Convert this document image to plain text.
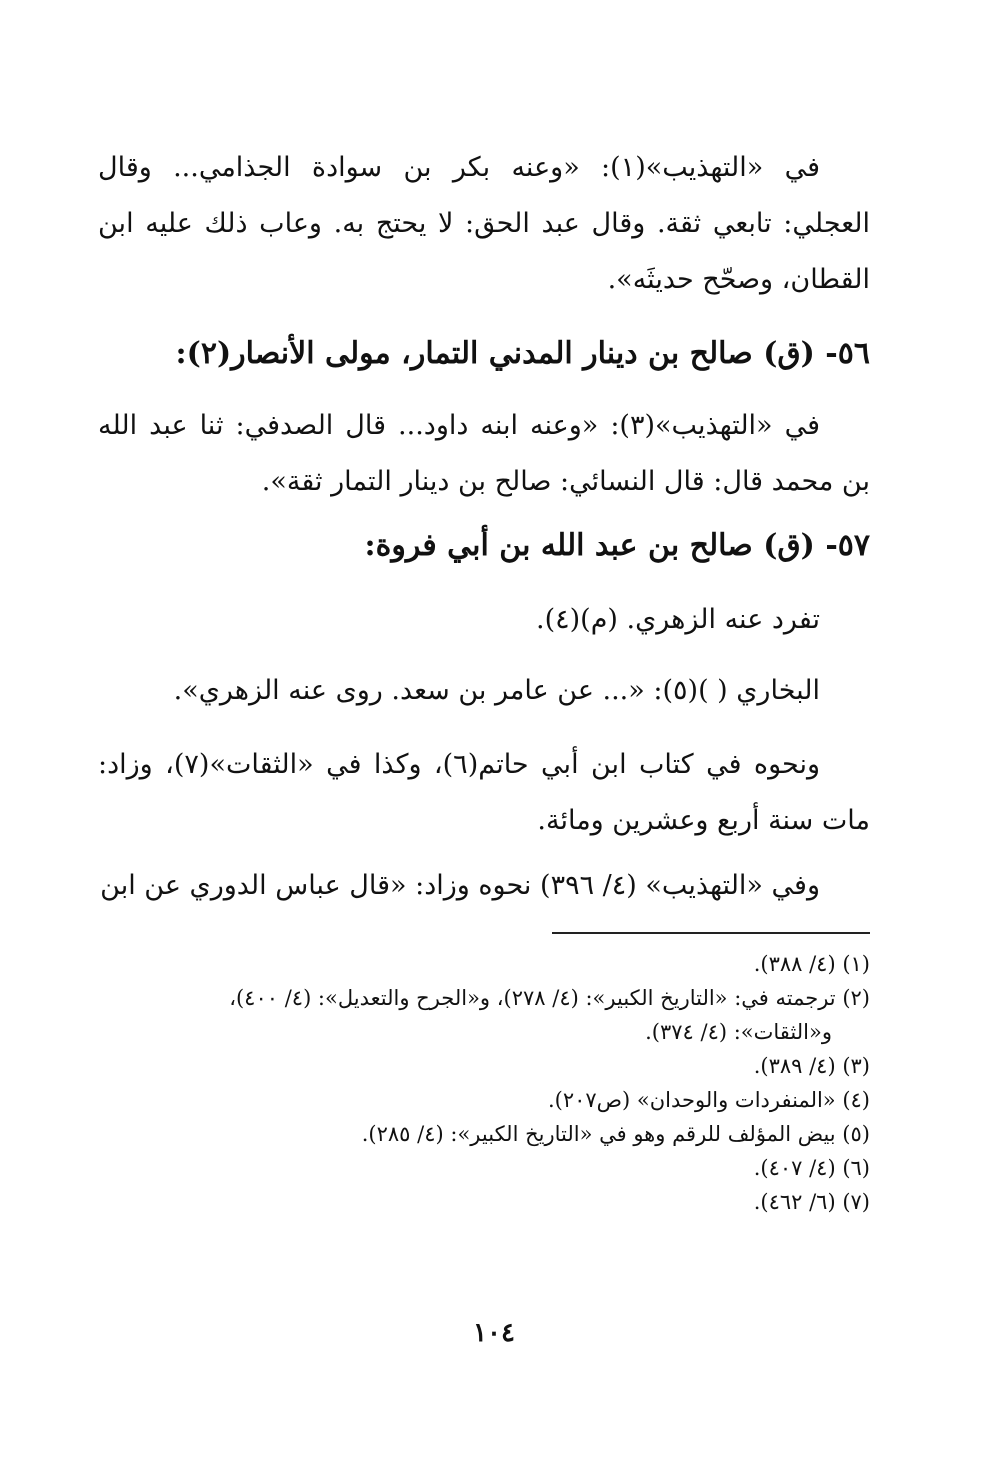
في «التهذيب»(١): «وعنه بكر بن سوادة الجذامي... وقال العجلي: تابعي ثقة. وقال عبد الحق: لا يحتج به. وعاب ذلك عليه ابن القطان، وصحّح حديثَه».

٥٦- (ق) صالح بن دينار المدني التمار، مولى الأنصار(٢):

في «التهذيب»(٣): «وعنه ابنه داود... قال الصدفي: ثنا عبد الله بن محمد قال: قال النسائي: صالح بن دينار التمار ثقة».

٥٧- (ق) صالح بن عبد الله بن أبي فروة:

تفرد عنه الزهري. (م)(٤).

البخاري ( )(٥): «... عن عامر بن سعد. روى عنه الزهري».

ونحوه في كتاب ابن أبي حاتم(٦)، وكذا في «الثقات»(٧)، وزاد: مات سنة أربع وعشرين ومائة.

وفي «التهذيب» (٤/ ٣٩٦) نحوه وزاد: «قال عباس الدوري عن ابن

(١) (٤/ ٣٨٨).

(٢) ترجمته في: «التاريخ الكبير»: (٤/ ٢٧٨)، و«الجرح والتعديل»: (٤/ ٤٠٠)،

و«الثقات»: (٤/ ٣٧٤).

(٣) (٤/ ٣٨٩).

(٤) «المنفردات والوحدان» (ص٢٠٧).

(٥) بيض المؤلف للرقم وهو في «التاريخ الكبير»: (٤/ ٢٨٥).

(٦) (٤/ ٤٠٧).

(٧) (٦/ ٤٦٢).

١٠٤
